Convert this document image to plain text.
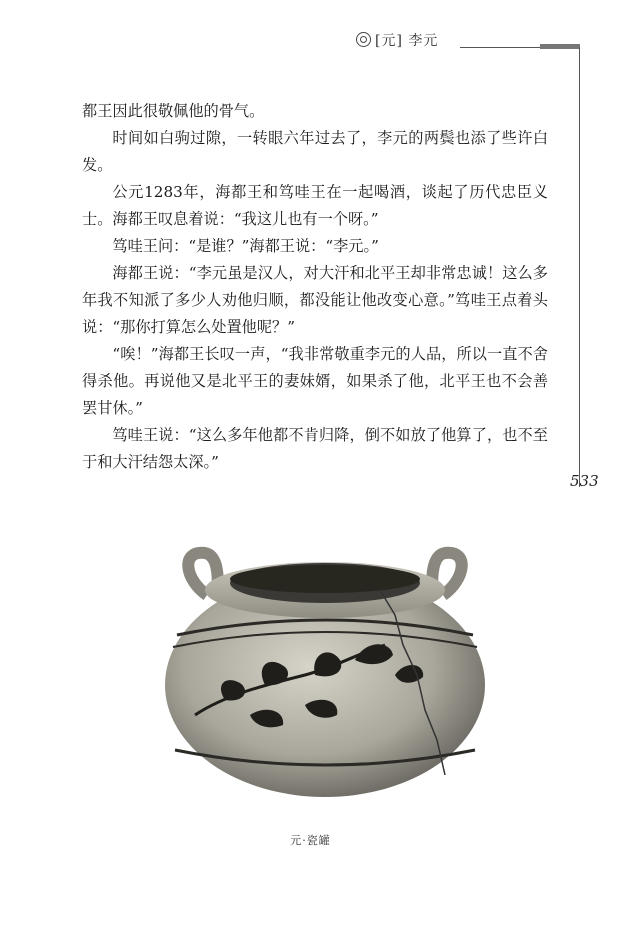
[元] 李元
533

都王因此很敬佩他的骨气。

时间如白驹过隙，一转眼六年过去了，李元的两鬓也添了些许白发。

公元1283年，海都王和笃哇王在一起喝酒，谈起了历代忠臣义士。海都王叹息着说：“我这儿也有一个呀。”

笃哇王问：“是谁？”海都王说：“李元。”

海都王说：“李元虽是汉人，对大汗和北平王却非常忠诚！这么多年我不知派了多少人劝他归顺，都没能让他改变心意。”笃哇王点着头说：“那你打算怎么处置他呢？”

“唉！”海都王长叹一声，“我非常敬重李元的人品，所以一直不舍得杀他。再说他又是北平王的妻妹婿，如果杀了他，北平王也不会善罢甘休。”

笃哇王说：“这么多年他都不肯归降，倒不如放了他算了，也不至于和大汗结怨太深。”

元·瓷罐
